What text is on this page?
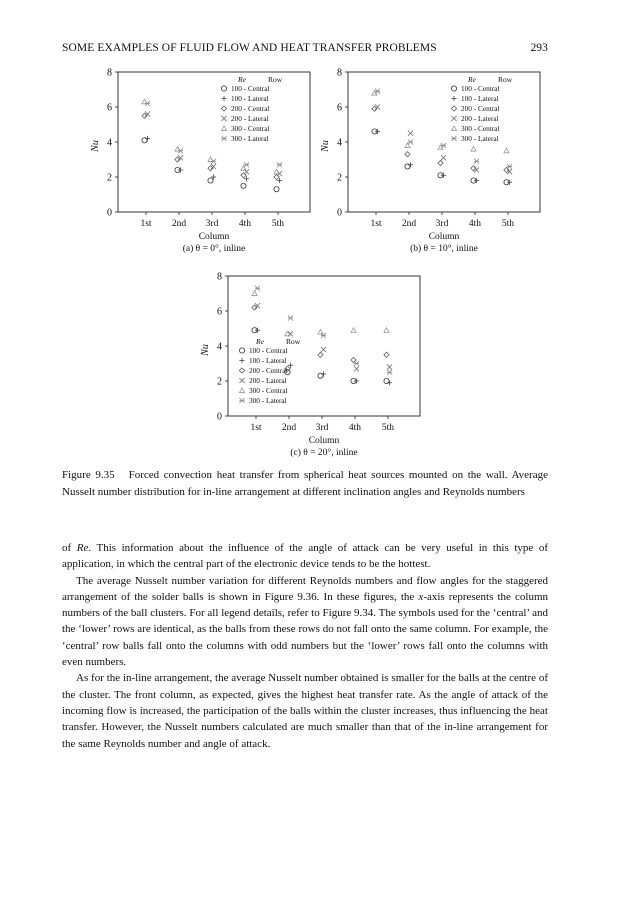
SOME EXAMPLES OF FLUID FLOW AND HEAT TRANSFER PROBLEMS	293
0
2
4
6
8
1st 2nd 3rd 4th 5th
Column
Nu
(a) θ = 0°, inline
Re	Row
100 - Central
100 - Lateral
200 - Central
200 - Lateral
300 - Central
300 - Lateral
0
2
4
6
8
1st 2nd 3rd 4th 5th
Column
Nu
(b) θ = 10°, inline
Re	Row
100 - Central
100 - Lateral
200 - Central
200 - Lateral
300 - Central
300 - Lateral
0
2
4
6
8
1st 2nd 3rd 4th 5th
Column
Nu
(c) θ = 20°, inline
Re	Row
100 - Central
100 - Lateral
200 - Central
200 - Lateral
300 - Central
300 - Lateral
Figure 9.35 Forced convection heat transfer from spherical heat sources mounted on the wall. Average Nusselt number distribution for in-line arrangement at different inclination angles and Reynolds numbers

of Re. This information about the influence of the angle of attack can be very useful in this type of application, in which the central part of the electronic device tends to be the hottest.

The average Nusselt number variation for different Reynolds numbers and flow angles for the staggered arrangement of the solder balls is shown in Figure 9.36. In these figures, the x-axis represents the column numbers of the ball clusters. For all legend details, refer to Figure 9.34. The symbols used for the ‘central’ and the ‘lower’ rows are identical, as the balls from these rows do not fall onto the same column. For example, the ‘central’ row balls fall onto the columns with odd numbers but the ‘lower’ rows fall onto the columns with even numbers.

As for the in-line arrangement, the average Nusselt number obtained is smaller for the balls at the centre of the cluster. The front column, as expected, gives the highest heat transfer rate. As the angle of attack of the incoming flow is increased, the participation of the balls within the cluster increases, thus influencing the heat transfer. However, the Nusselt numbers calculated are much smaller than that of the in-line arrangement for the same Reynolds number and angle of attack.
